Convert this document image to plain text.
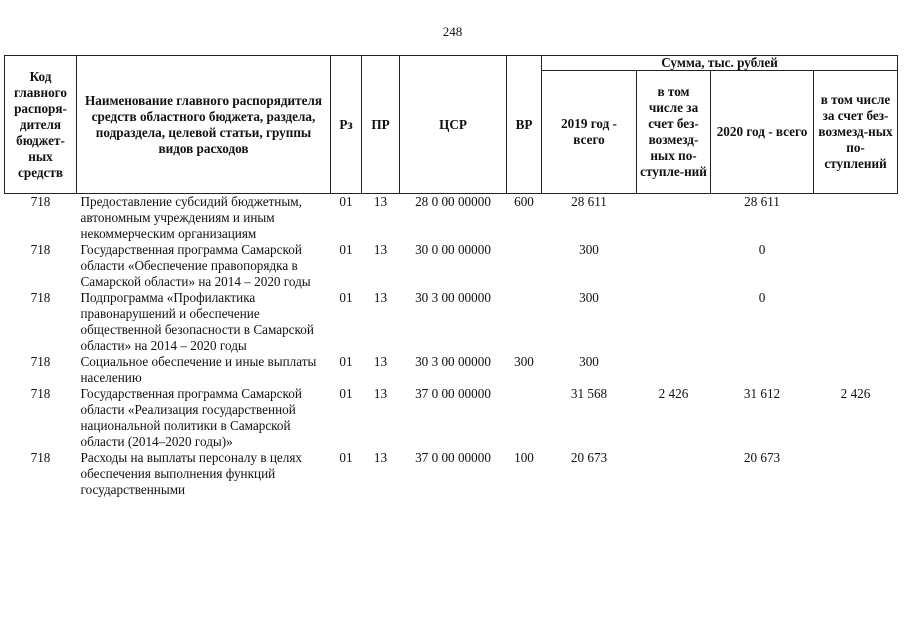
248
Код главного распоря-дителя бюджет-ных средств	Наименование главного распорядителя средств областного бюджета, раздела, подраздела, целевой статьи, группы видов расходов	Рз	ПР	ЦСР	ВР	Сумма, тыс. рублей			
						2019 год - всего	в том числе за счет без-возмезд-ных по-ступле-ний	2020 год - всего	в том числе за счет без-возмезд-ных по-ступлений
718	Предоставление субсидий бюджетным, автономным учреждениям и иным некоммерческим организациям	01	13	28 0 00 00000	600	28 611		28 611	
718	Государственная программа Самарской области «Обеспечение правопорядка в Самарской области» на 2014 – 2020 годы	01	13	30 0 00 00000		300		0	
718	Подпрограмма «Профилактика правонарушений и обеспечение общественной безопасности в Самарской области» на 2014 – 2020 годы	01	13	30 3 00 00000		300		0	
718	Социальное обеспечение и иные выплаты населению	01	13	30 3 00 00000	300	300			
718	Государственная программа Самарской области «Реализация государственной национальной политики в Самарской области (2014–2020 годы)»	01	13	37 0 00 00000		31 568	2 426	31 612	2 426
718	Расходы на выплаты персоналу в целях обеспечения выполнения функций государственными	01	13	37 0 00 00000	100	20 673		20 673	
